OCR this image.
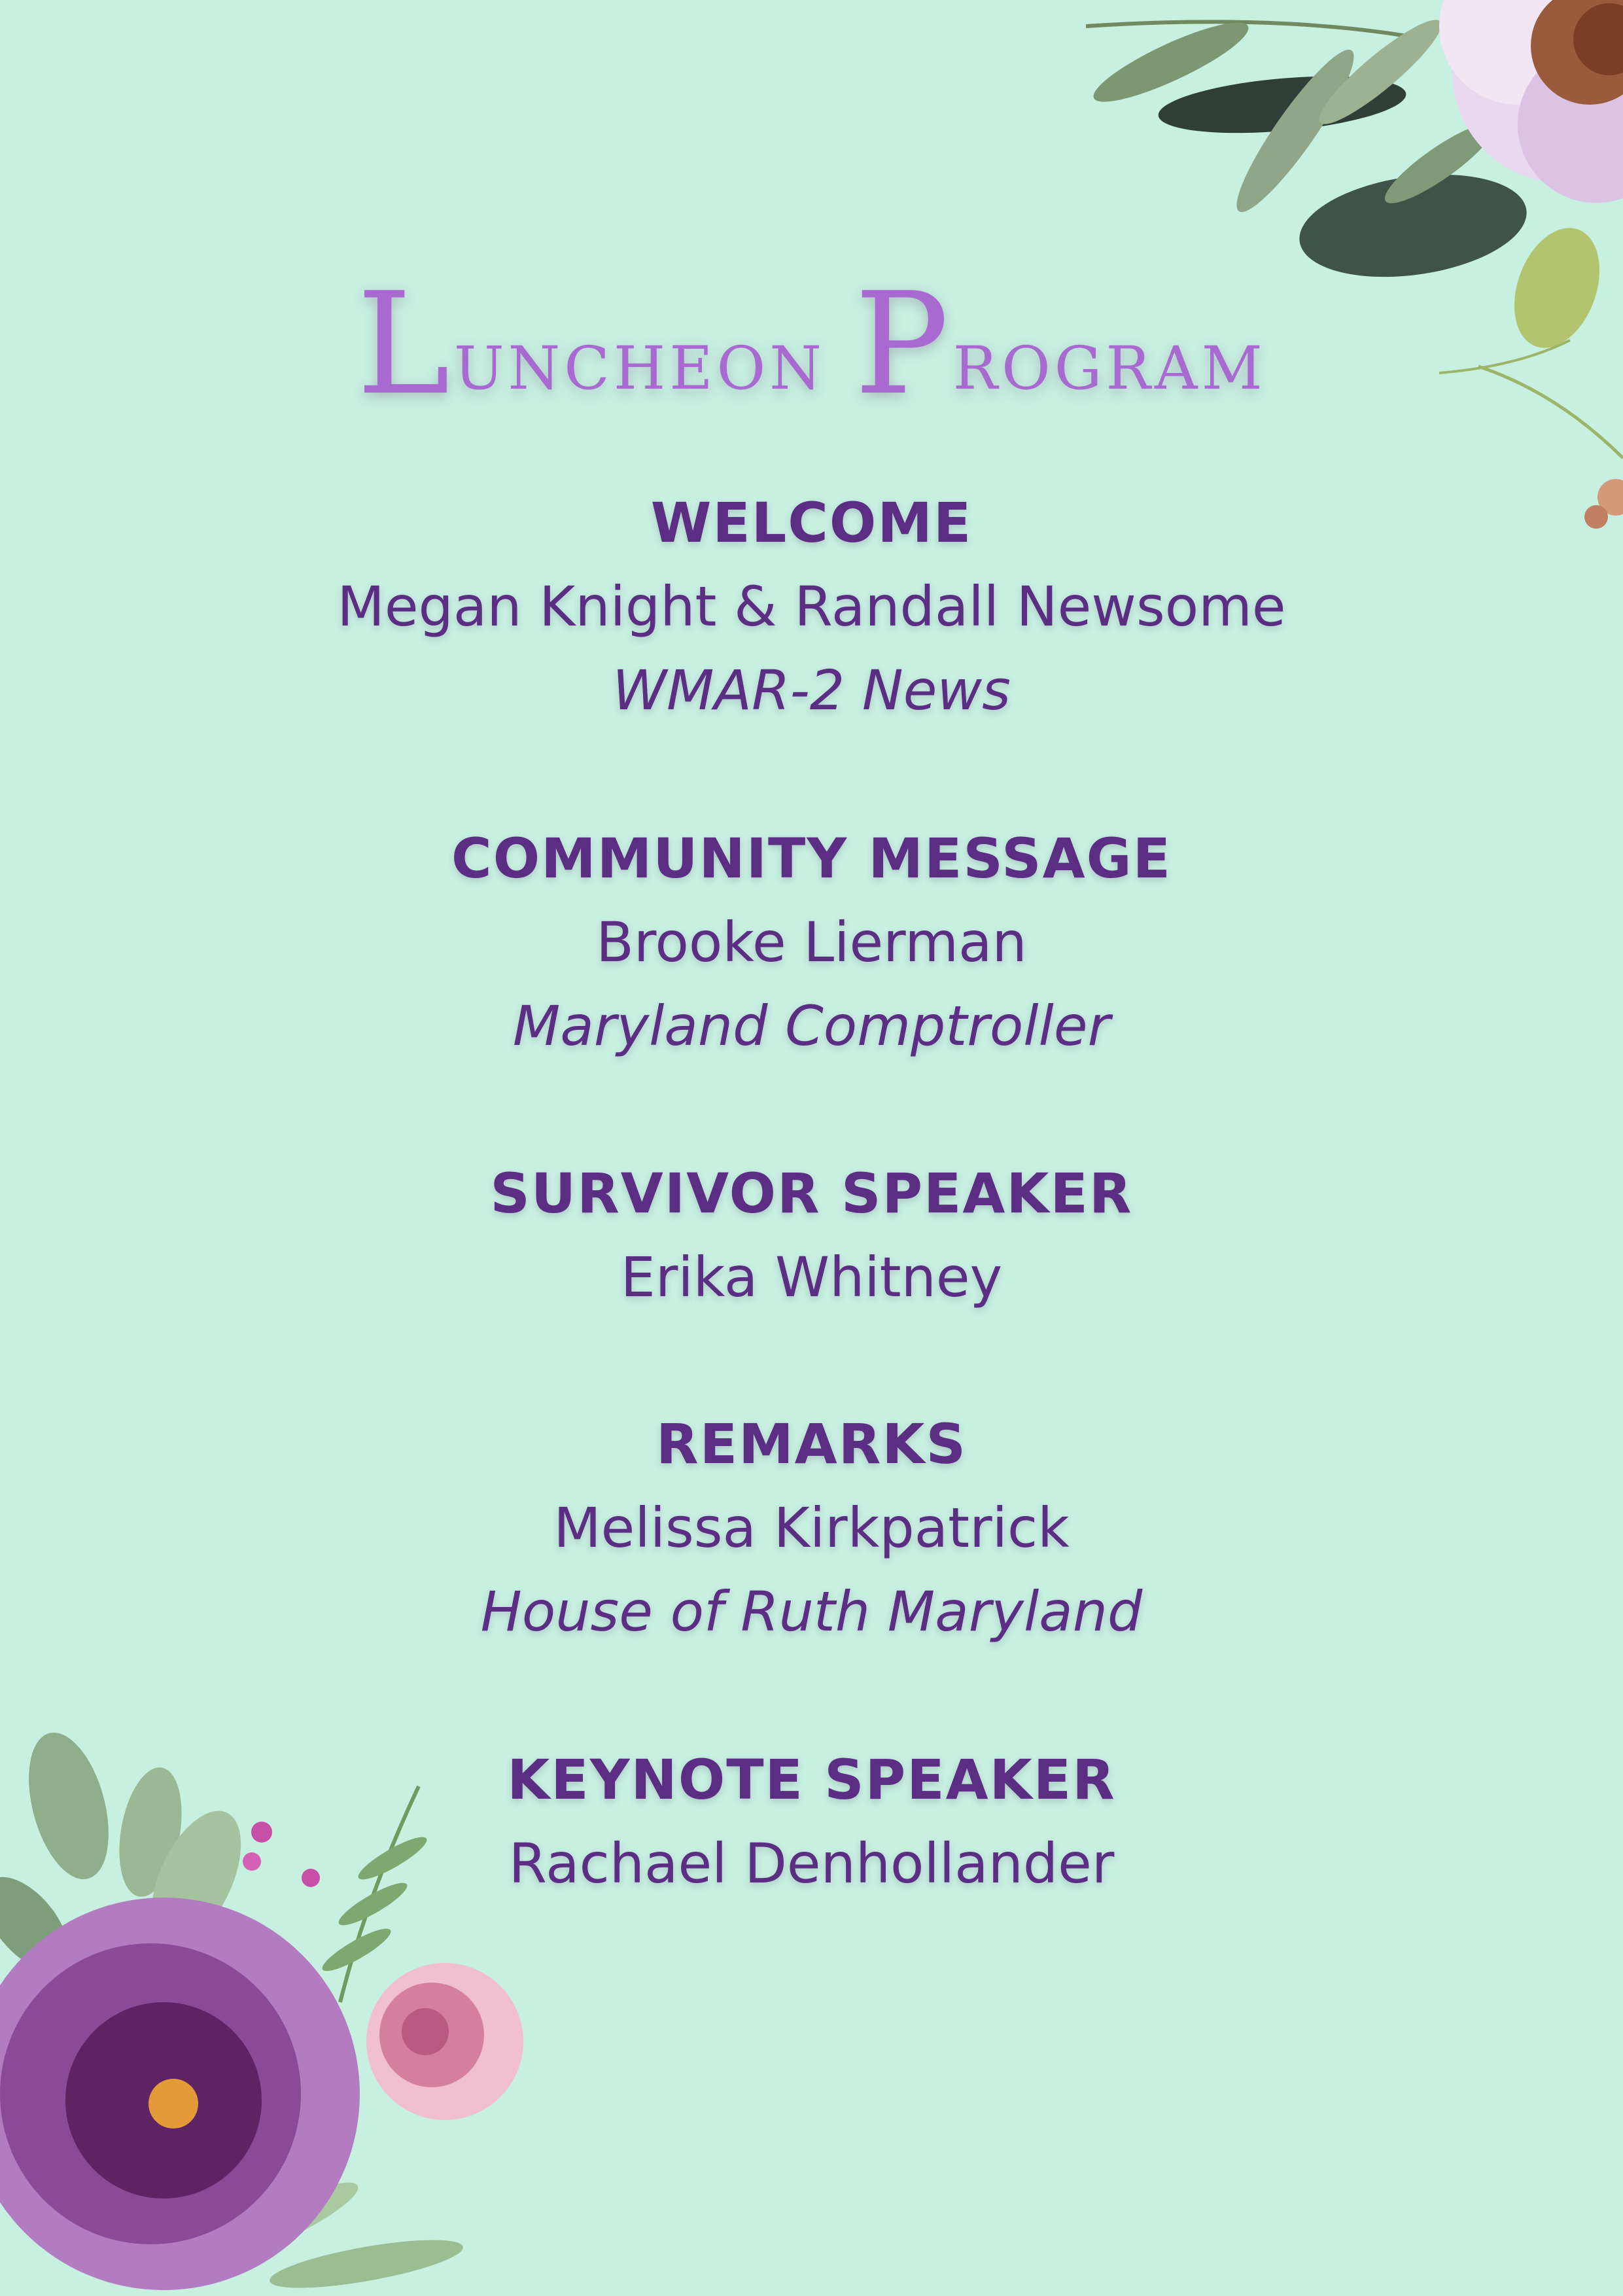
Luncheon Program
WELCOME
Megan Knight & Randall Newsome
WMAR-2 News
COMMUNITY MESSAGE
Brooke Lierman
Maryland Comptroller
SURVIVOR SPEAKER
Erika Whitney
REMARKS
Melissa Kirkpatrick
House of Ruth Maryland
KEYNOTE SPEAKER
Rachael Denhollander
